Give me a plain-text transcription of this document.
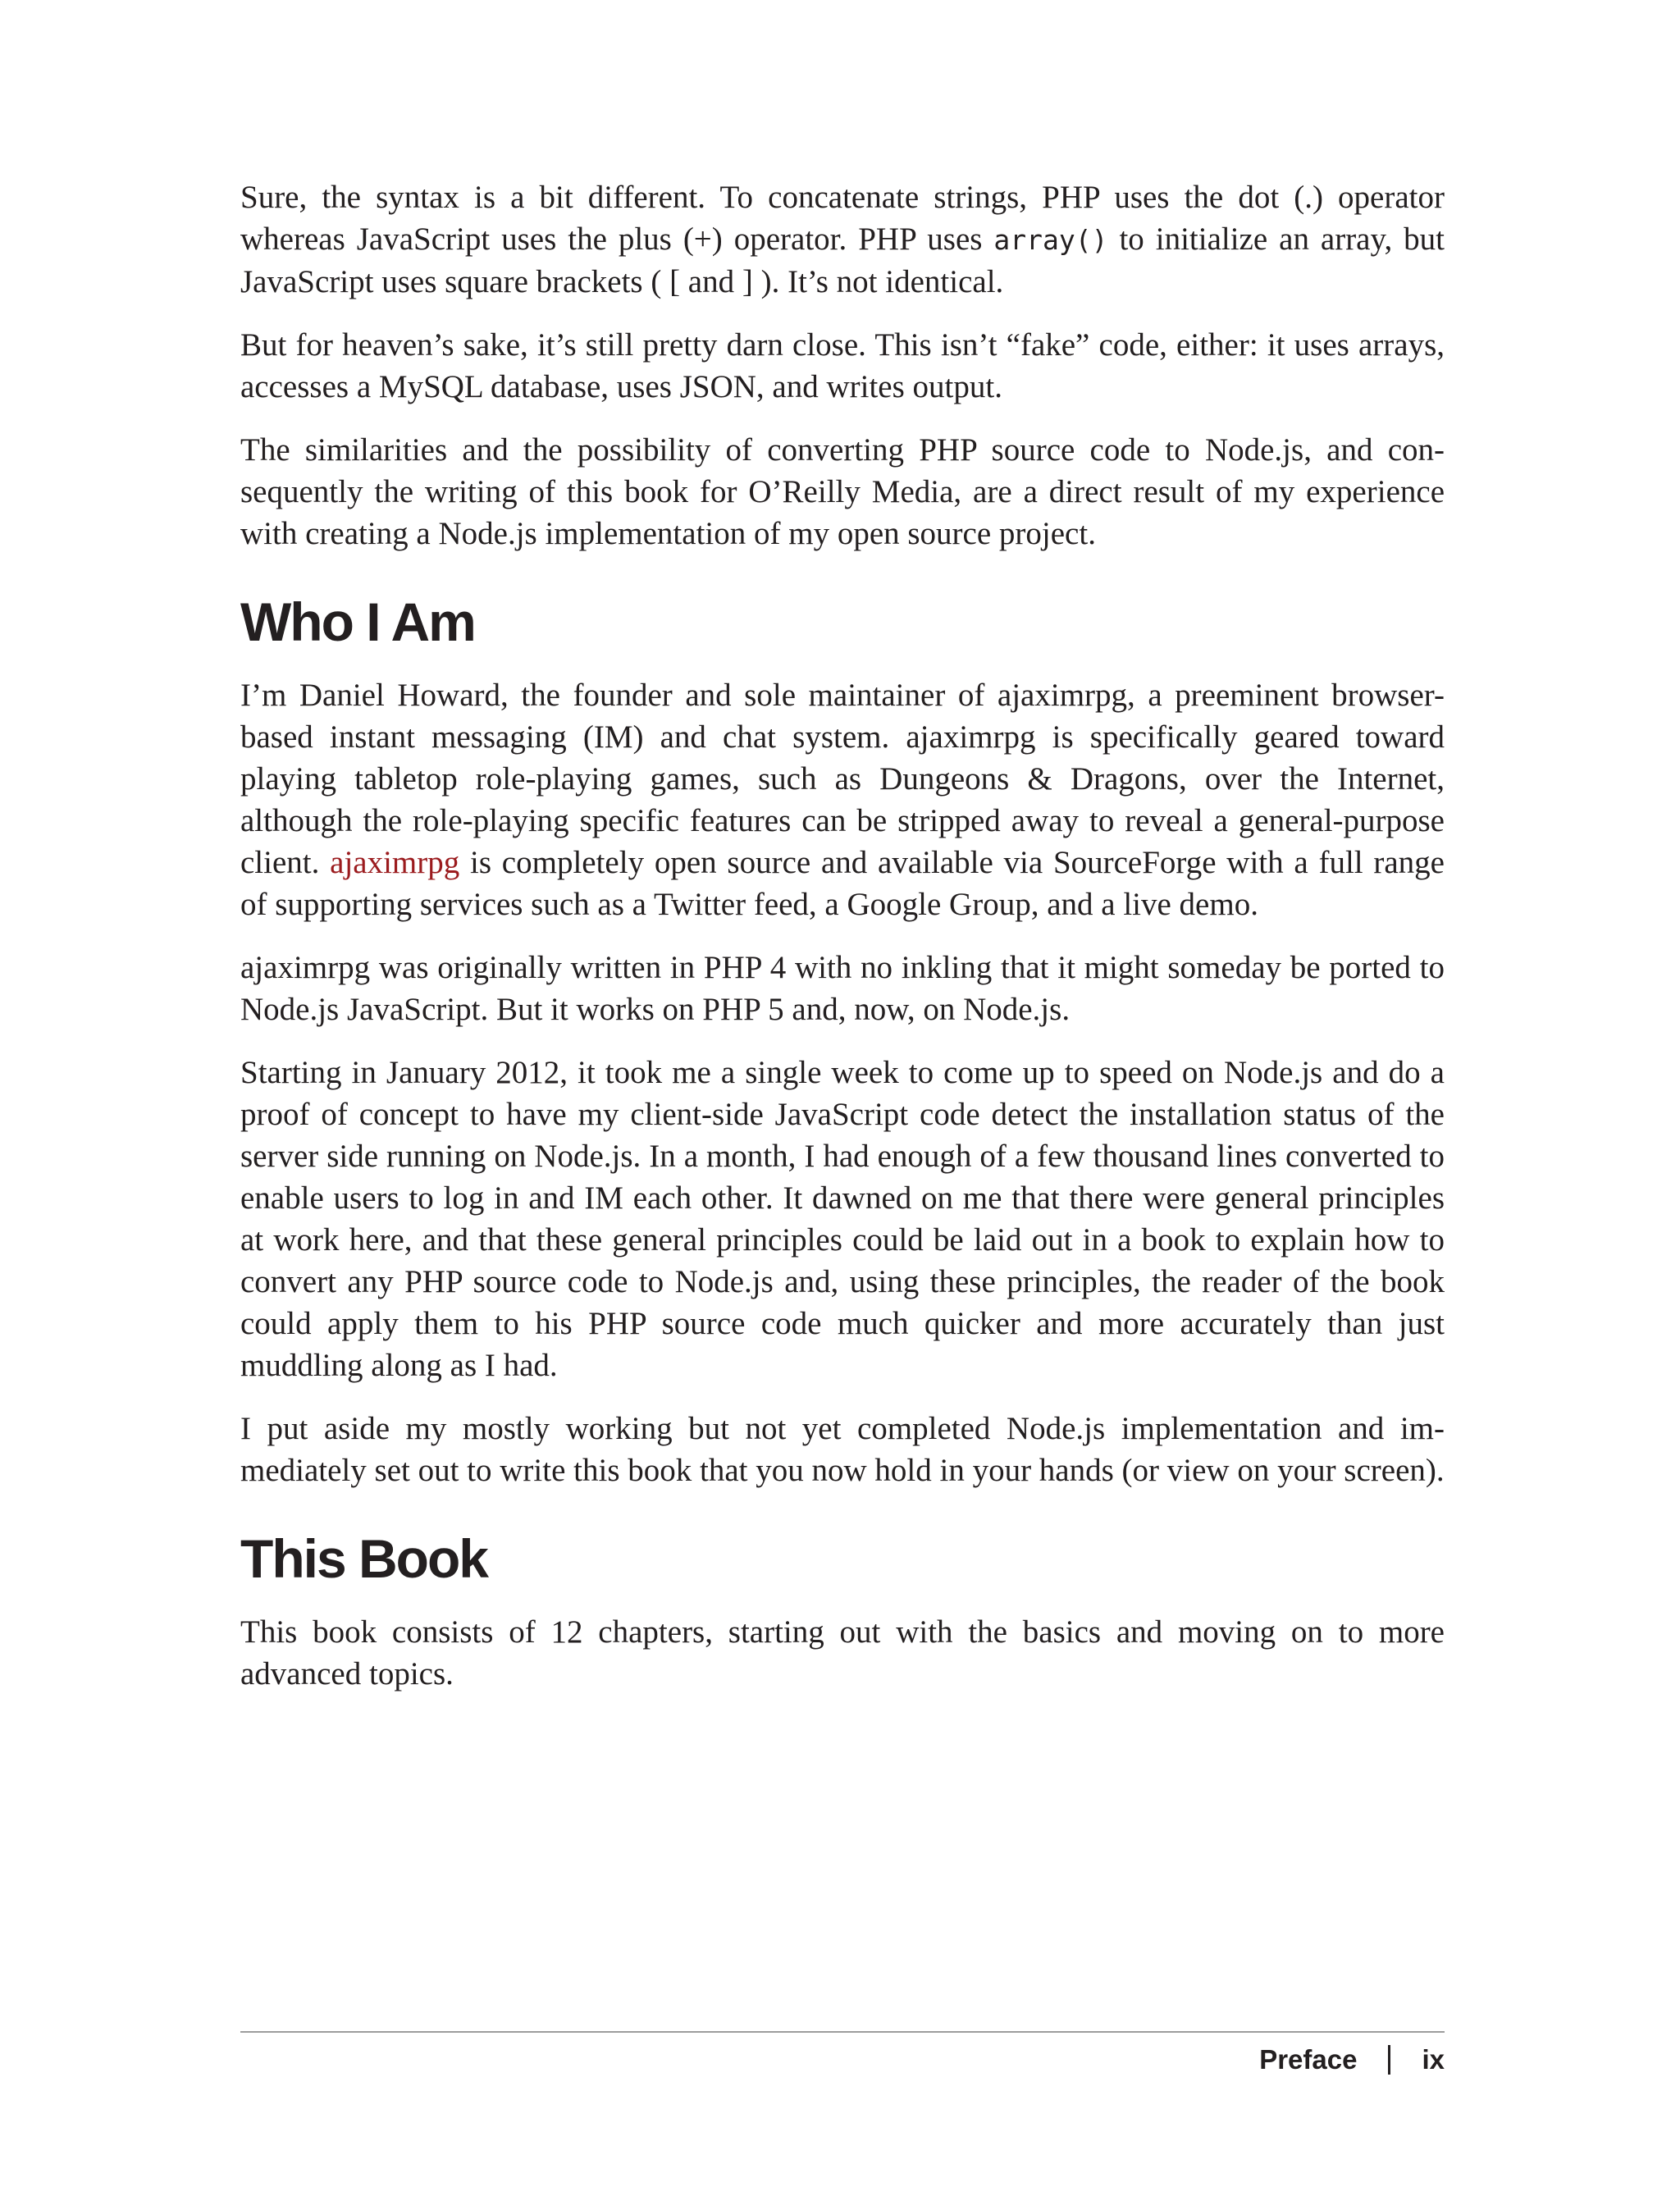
Sure, the syntax is a bit different. To concatenate strings, PHP uses the dot (.) operator whereas JavaScript uses the plus (+) operator. PHP uses array() to initialize an array, but JavaScript uses square brackets ( [ and ] ). It’s not identical.

But for heaven’s sake, it’s still pretty darn close. This isn’t “fake” code, either: it uses arrays, accesses a MySQL database, uses JSON, and writes output.

The similarities and the possibility of converting PHP source code to Node.js, and consequently the writing of this book for O’Reilly Media, are a direct result of my experience with creating a Node.js implementation of my open source project.

Who I Am

I’m Daniel Howard, the founder and sole maintainer of ajaximrpg, a preeminent browser-based instant messaging (IM) and chat system. ajaximrpg is specifically geared toward playing tabletop role-playing games, such as Dungeons & Dragons, over the Internet, although the role-playing specific features can be stripped away to reveal a general-purpose client. ajaximrpg is completely open source and available via SourceForge with a full range of supporting services such as a Twitter feed, a Google Group, and a live demo.

ajaximrpg was originally written in PHP 4 with no inkling that it might someday be ported to Node.js JavaScript. But it works on PHP 5 and, now, on Node.js.

Starting in January 2012, it took me a single week to come up to speed on Node.js and do a proof of concept to have my client-side JavaScript code detect the installation status of the server side running on Node.js. In a month, I had enough of a few thousand lines converted to enable users to log in and IM each other. It dawned on me that there were general principles at work here, and that these general principles could be laid out in a book to explain how to convert any PHP source code to Node.js and, using these principles, the reader of the book could apply them to his PHP source code much quicker and more accurately than just muddling along as I had.

I put aside my mostly working but not yet completed Node.js implementation and immediately set out to write this book that you now hold in your hands (or view on your screen).

This Book

This book consists of 12 chapters, starting out with the basics and moving on to more advanced topics.

Preface ix
